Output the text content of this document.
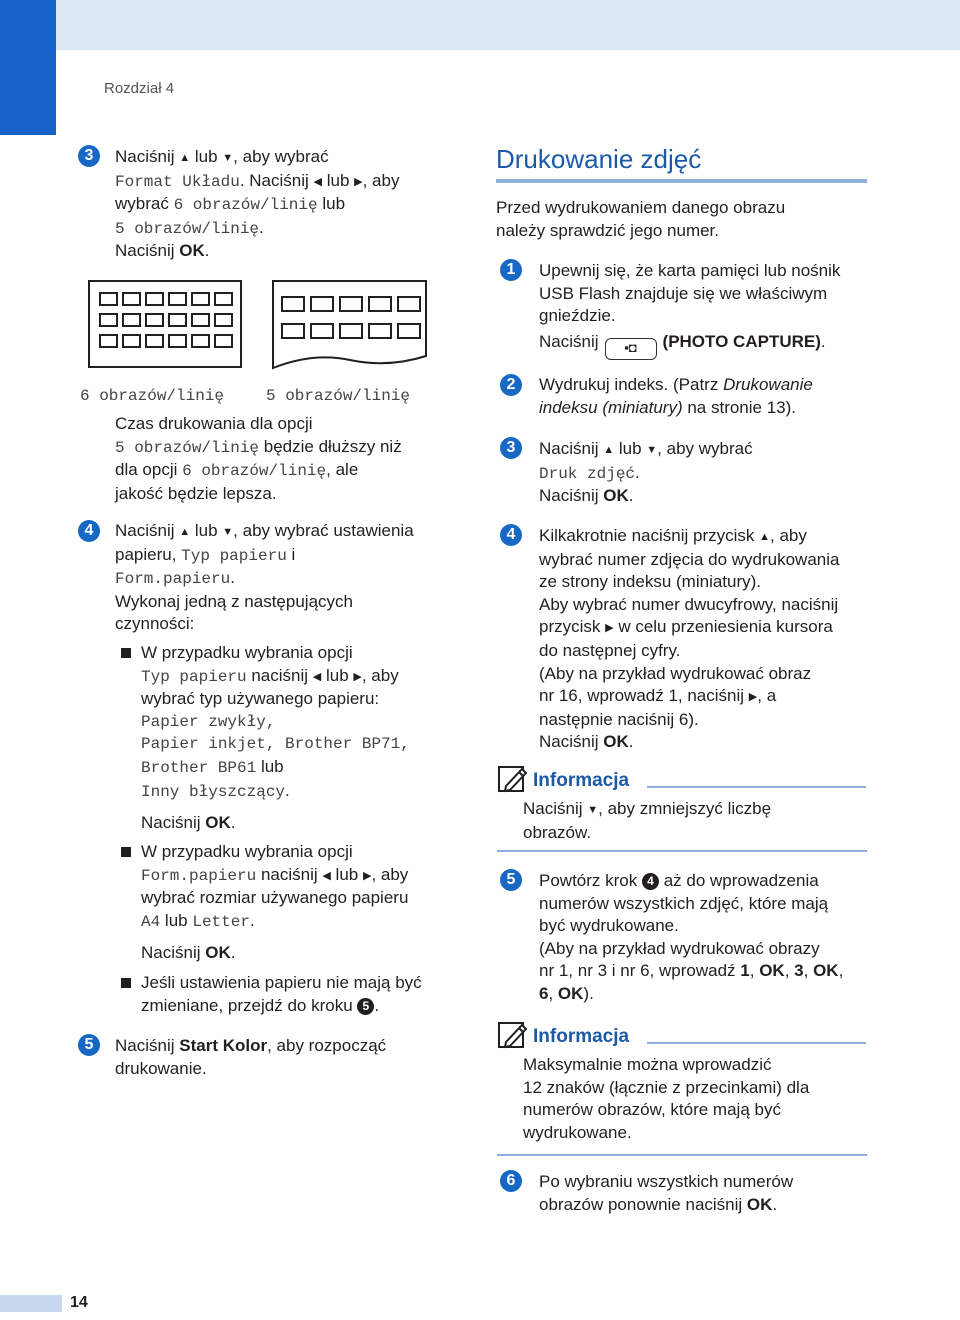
Rozdział 4
3	Naciśnij ▲ lub ▼, aby wybrać
Format Układu. Naciśnij ◀ lub ▶, aby
wybrać 6 obrazów/linię lub
5 obrazów/linię.
Naciśnij OK.
6 obrazów/linię	5 obrazów/linię
Czas drukowania dla opcji
5 obrazów/linię będzie dłuższy niż
dla opcji 6 obrazów/linię, ale
jakość będzie lepsza.
4	Naciśnij ▲ lub ▼, aby wybrać ustawienia
papieru, Typ papieru i
Form.papieru.
Wykonaj jedną z następujących
czynności:
W przypadku wybrania opcji
Typ papieru naciśnij ◀ lub ▶, aby
wybrać typ używanego papieru:
Papier zwykły,
Papier inkjet, Brother BP71,
Brother BP61 lub
Inny błyszczący.
Naciśnij OK.
W przypadku wybrania opcji
Form.papieru naciśnij ◀ lub ▶, aby
wybrać rozmiar używanego papieru
A4 lub Letter.
Naciśnij OK.
Jeśli ustawienia papieru nie mają być
zmieniane, przejdź do kroku 5 .
5	Naciśnij Start Kolor, aby rozpocząć
drukowanie.
Drukowanie zdjęć
Przed wydrukowaniem danego obrazu
należy sprawdzić jego numer.
1	Upewnij się, że karta pamięci lub nośnik
USB Flash znajduje się we właściwym
gnieździe.
Naciśnij ▪◘ (PHOTO CAPTURE).
2	Wydrukuj indeks. (Patrz Drukowanie
indeksu (miniatury) na stronie 13).
3	Naciśnij ▲ lub ▼, aby wybrać
Druk zdjęć.
Naciśnij OK.
4	Kilkakrotnie naciśnij przycisk ▲, aby
wybrać numer zdjęcia do wydrukowania
ze strony indeksu (miniatury).
Aby wybrać numer dwucyfrowy, naciśnij
przycisk ▶ w celu przeniesienia kursora
do następnej cyfry.
(Aby na przykład wydrukować obraz
nr 16, wprowadź 1, naciśnij ▶, a
następnie naciśnij 6).
Naciśnij OK.
Informacja
Naciśnij ▼, aby zmniejszyć liczbę
obrazów.
5	Powtórz krok 4 aż do wprowadzenia
numerów wszystkich zdjęć, które mają
być wydrukowane.
(Aby na przykład wydrukować obrazy
nr 1, nr 3 i nr 6, wprowadź 1, OK, 3, OK,
6, OK).
Informacja
Maksymalnie można wprowadzić
12 znaków (łącznie z przecinkami) dla
numerów obrazów, które mają być
wydrukowane.
6	Po wybraniu wszystkich numerów
obrazów ponownie naciśnij OK.
14
